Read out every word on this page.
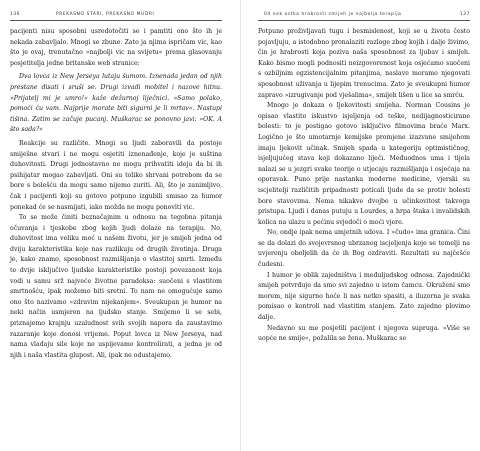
136	PREKASNO STARI, PREKASNO MUDRI

pacijenti nisu sposobni usredotočiti se i pamtiti ono što ih je nekada zabavljalo. Mnogi se zbune. Zato ja njima ispričam vic, kao što je ovaj, trenutačno »najbolji vic na svijetu« prema glasovanju posjetitelja jedne britanske web stranice:

Dva lovca iz New Jerseya lutaju šumom. Iznenada jedan od njih prestane disati i sruši se. Drugi izvadi mobitel i nazove hitnu. »Prijatelj mi je umro!« kaže dežurnoj liječnici. »Samo polako, pomoći ću vam. Najprije morate biti sigurni je li mrtav«. Nastupi tišina. Zatim se začuje pucanj. Muškarac se ponovno javi: »OK. A što sada?«

Reakcije su različite. Mnogi su ljudi zaboravili da postoje smiješne stvari i ne mogu osjetiti iznenađenje, koje je suština duhovitosti. Drugi jednostavno ne mogu prihvatiti ideju da bi ih psihijatar mogao zabavljati. Oni su toliko shrvani potrebom da se bore s bolešću da mogu samo nijemo zuriti. Ali, što je zanimljivo, čak i pacijenti koji su gotovo potpuno izgubili smisao za humor ponekad će se nasmijati, iako možda ne mogu ponoviti vic.

To se može činiti beznačajnim u odnosu na tegobna pitanja očuvanja i tjeskobe zbog kojih ljudi dolaze na terapiju. No, duhovitost ima veliku moć u našem životu, jer je smijeh jedna od dviju karakteristika koje nas razlikuju od drugih životinja. Druga je, kako znamo, sposobnost razmišljanja o vlastitoj smrti. Između te dvije isključivo ljudske karakteristike postoji povezanost koja vodi u samu srž najveće životne paradoksa: suočeni s vlastitom smrtnošću, ipak možemo biti sretni. To nam ne omogućuje samo ono što nazivamo »zdravim nijekanjem«. Sveukupan je humor na neki način usmjeren na ljudsko stanje. Smijemo li se sebi, priznajemo krajnju uzaludnost svih svojih napora da zaustavimo razaranje koje donosi vrijeme. Poput lovca iz New Jerseya, nad nama vladaju sile koje ne uspijevamo kontrolirati, a jedna je od njih i naša vlastita glupost. Ali, ipak ne odustajemo.

04 nek ostka hrabrosti smijeh je najbolja terapija	137

Potpuno proživljavati tugu i besmislenost, koji se u životu često pojavljuju, a istodobno pronalaziti razloge zbog kojih i dalje živimo, čin je hrabrosti koja poziva naša sposobnost za ljubav i smijeh. Kako bismo mogli podnositi neizgovorenost koja osjećamo suočeni s ozbiljnim egzistencijalnim pitanjima, naslave moramo njegovati sposobnost uživanja u lijepim trenucima. Zato je sveukupni humor zapravo »izrugivanje pod vješalima«, smijeh lišen u lice sa smrću.

Mnogo je dokaza o ljekovitosti smijeha. Norman Cousins je opisao vlastito iskustvo isjeljenja od teške, nedijagnosticirane bolesti: to je postigao gotovo isključivo filmovima braće Marx. Logično je što umotarnje kemijske promjene izazvane smijehom imaju ljekovit učinak. Smijeh spada u kategoriju optimističnog, isjeljujućeg stava koji dokazano liječi. Međuodnos uma i tijela nalazi se u jezgri svake teorije o utjecaju razmišljanja i osjećaja na oporavak. Puno prije nastanka moderne medicine, vjerski su iscjelitelji različitih pripadnosti poticali ljude da se protiv bolesti bore stavovima. Nema nikakve dvojbe u učinkovitost takvoga pristupa. Ljudi i danas putuju u Lourdes, a hrpa štaka i invalidskih kolica na ulazu u pećinu svjedoči o moći vjere.

No, ondje ipak nema umjetnih udova. I »čudo« ima granica. Čini se da dolazi do svojevrsnog ubrzanog iscjeljenja koje se temelji na uvjerenju oboljelih da će ih Bog ozdraviti. Rezultati su najčešće čudesni.

I humor je oblik zajedništva i međuljudskog odnosa. Zajednički smijeh potvrđuje da smo svi zajedno u istom čamcu. Okruženi smo morem, nije sigurno hoće li nas netko spasiti, a iluzorna je svaka pomisao o kontroli nad vlastitim stanjem. Zato zajedno plovimo dalje.

Nedavno su me posjetili pacijent i njegova supruga. »Više se uopće ne smije«, požalila se žena. Muškarac se
